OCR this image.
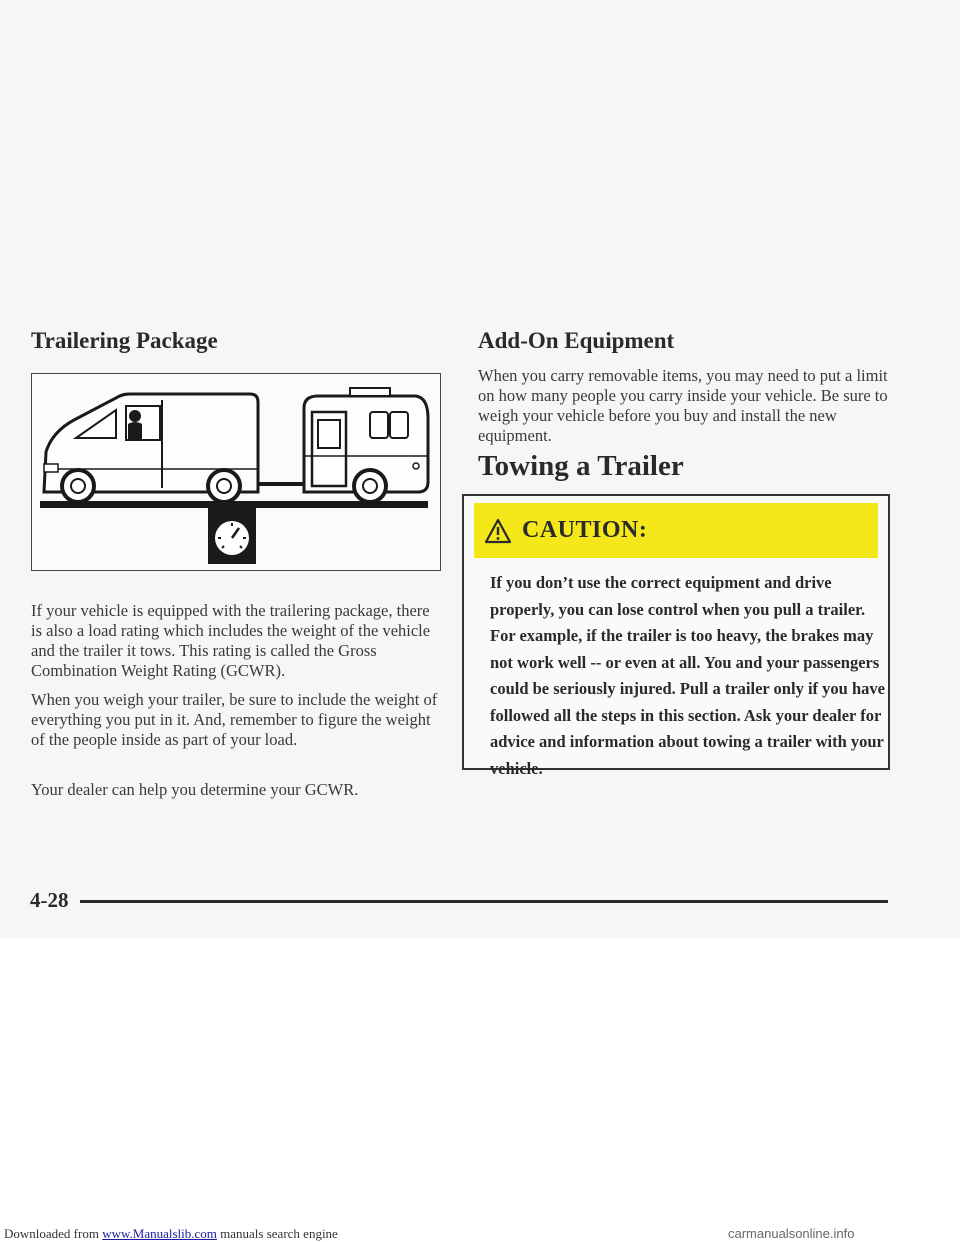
Trailering Package

If your vehicle is equipped with the trailering package, there is also a load rating which includes the weight of the vehicle and the trailer it tows. This rating is called the Gross Combination Weight Rating (GCWR).

When you weigh your trailer, be sure to include the weight of everything you put in it. And, remember to figure the weight of the people inside as part of your load.

Your dealer can help you determine your GCWR.

Add-On Equipment

When you carry removable items, you may need to put a limit on how many people you carry inside your vehicle. Be sure to weigh your vehicle before you buy and install the new equipment.

Towing a Trailer
CAUTION:

If you don’t use the correct equipment and drive properly, you can lose control when you pull a trailer. For example, if the trailer is too heavy, the brakes may not work well -- or even at all. You and your passengers could be seriously injured. Pull a trailer only if you have followed all the steps in this section. Ask your dealer for advice and information about towing a trailer with your vehicle.

4-28

Downloaded from www.Manualslib.com manuals search engine	carmanualsonline.info
